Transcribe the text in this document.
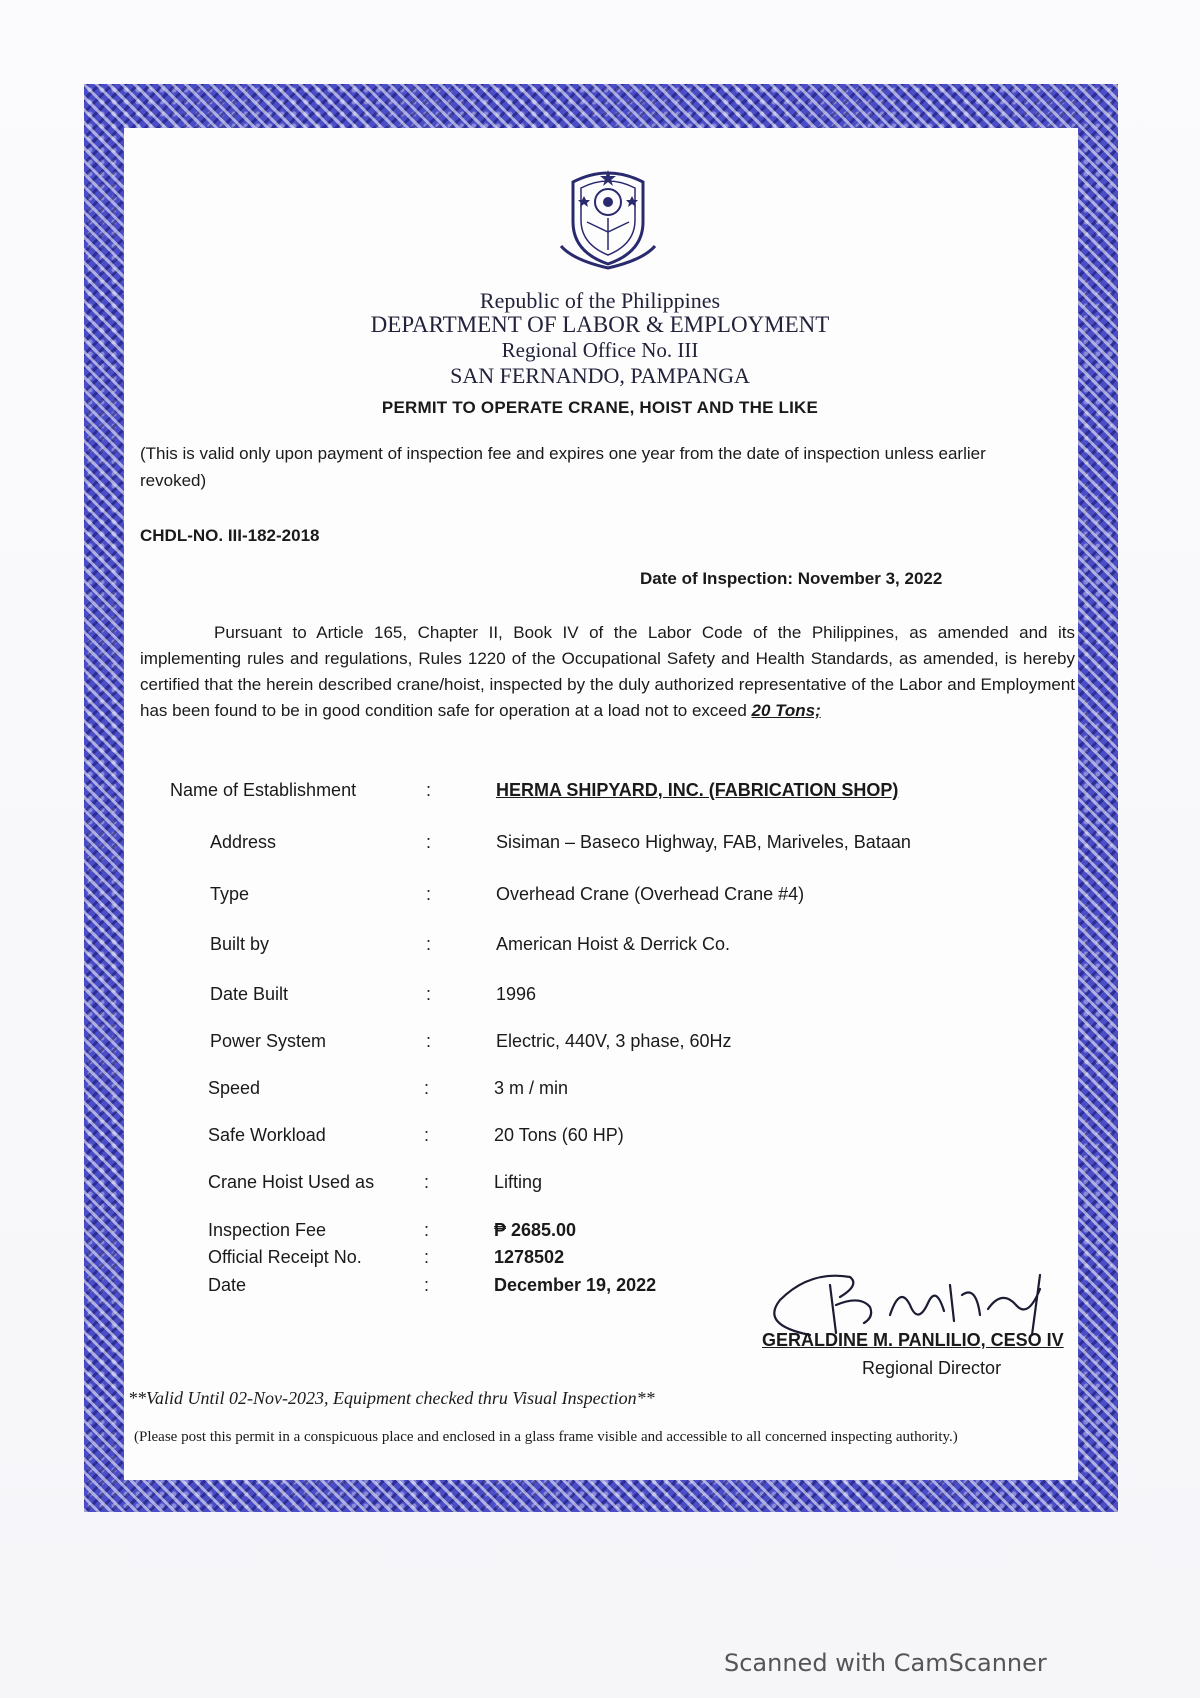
Republic of the Philippines
DEPARTMENT OF LABOR & EMPLOYMENT
Regional Office No. III
SAN FERNANDO, PAMPANGA
PERMIT TO OPERATE CRANE, HOIST AND THE LIKE
(This is valid only upon payment of inspection fee and expires one year from the date of inspection unless earlier revoked)
CHDL-NO. III-182-2018
Date of Inspection: November 3, 2022
Pursuant to Article 165, Chapter II, Book IV of the Labor Code of the Philippines, as amended and its implementing rules and regulations, Rules 1220 of the Occupational Safety and Health Standards, as amended, is hereby certified that the herein described crane/hoist, inspected by the duly authorized representative of the Labor and Employment has been found to be in good condition safe for operation at a load not to exceed 20 Tons;
Name of Establishment	:	HERMA SHIPYARD, INC. (FABRICATION SHOP)
Address	:	Sisiman – Baseco Highway, FAB, Mariveles, Bataan
Type	:	Overhead Crane (Overhead Crane #4)
Built by	:	American Hoist & Derrick Co.
Date Built	:	1996
Power System	:	Electric, 440V, 3 phase, 60Hz
Speed	:	3 m / min
Safe Workload	:	20 Tons (60 HP)
Crane Hoist Used as	:	Lifting
Inspection Fee	:	₱ 2685.00
Official Receipt No.	:	1278502
Date	:	December 19, 2022
GERALDINE M. PANLILIO, CESO IV
Regional Director
**Valid Until 02-Nov-2023, Equipment checked thru Visual Inspection**
(Please post this permit in a conspicuous place and enclosed in a glass frame visible and accessible to all concerned inspecting authority.)
Scanned with CamScanner
